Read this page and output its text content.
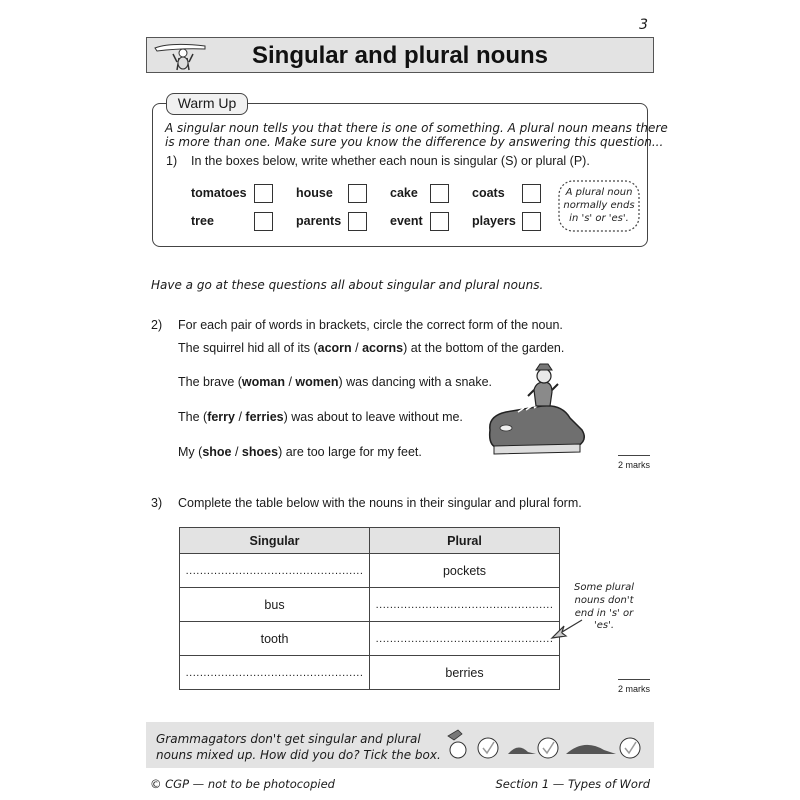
3
Singular and plural nouns
Warm Up
A singular noun tells you that there is one of something. A plural noun means there
is more than one. Make sure you know the difference by answering this question...
1) In the boxes below, write whether each noun is singular (S) or plural (P).
tomatoes	house	cake	coats
tree	parents	event	players
A plural noun
normally ends
in 's' or 'es'.
Have a go at these questions all about singular and plural nouns.
2) For each pair of words in brackets, circle the correct form of the noun.
The squirrel hid all of its (acorn / acorns) at the bottom of the garden.
The brave (woman / women) was dancing with a snake.
The (ferry / ferries) was about to leave without me.
My (shoe / shoes) are too large for my feet.
2 marks
3) Complete the table below with the nouns in their singular and plural form.
Singular	Plural
..................................................	pockets
bus	..................................................
tooth	..................................................
..................................................	berries
Some plural
nouns don't
end in 's' or 'es'.
2 marks
Grammagators don't get singular and plural
nouns mixed up. How did you do? Tick the box.
© CGP — not to be photocopied	Section 1 — Types of Word
